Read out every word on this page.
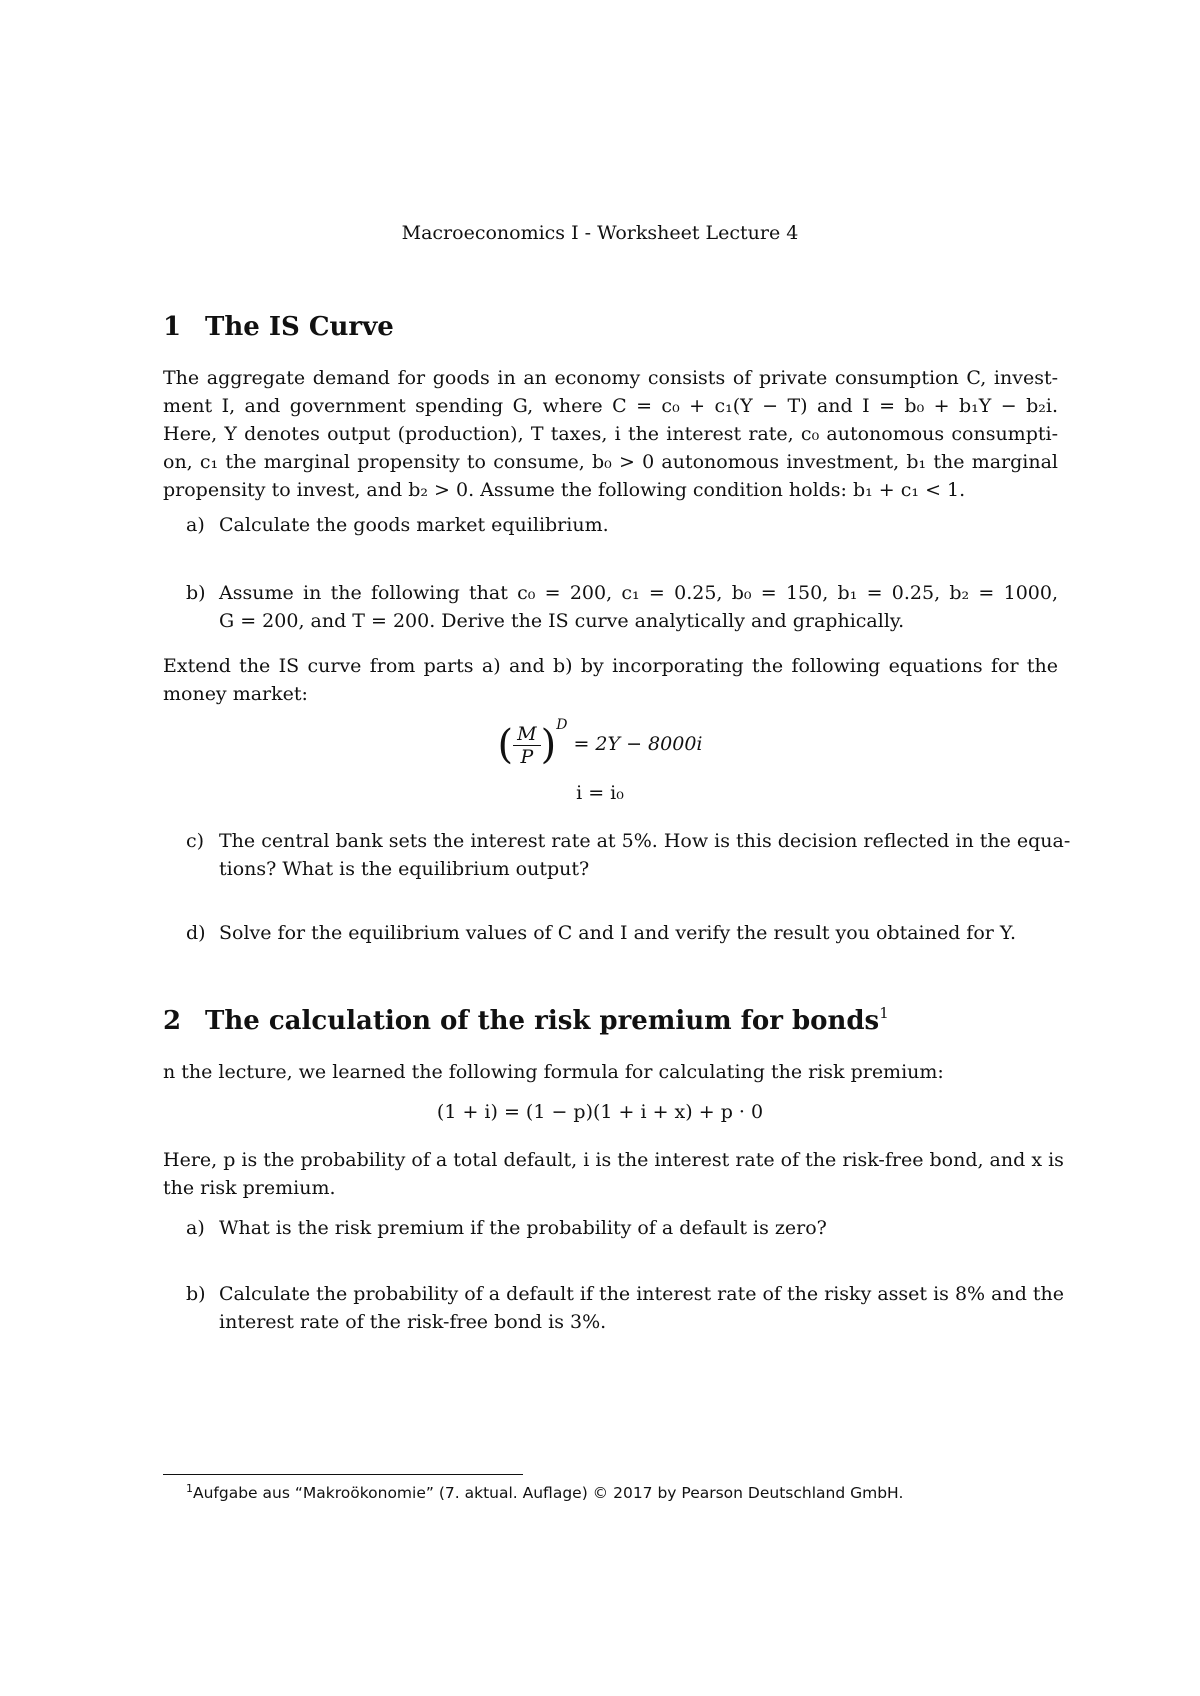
Macroeconomics I - Worksheet Lecture 4
1 The IS Curve
The aggregate demand for goods in an economy consists of private consumption C, invest-
ment I, and government spending G, where C = c₀ + c₁(Y − T) and I = b₀ + b₁Y − b₂i.
Here, Y denotes output (production), T taxes, i the interest rate, c₀ autonomous consumpti-
on, c₁ the marginal propensity to consume, b₀ > 0 autonomous investment, b₁ the marginal
propensity to invest, and b₂ > 0. Assume the following condition holds: b₁ + c₁ < 1.
a) Calculate the goods market equilibrium.
b) Assume in the following that c₀ = 200, c₁ = 0.25, b₀ = 150, b₁ = 0.25, b₂ = 1000,
G = 200, and T = 200. Derive the IS curve analytically and graphically.
Extend the IS curve from parts a) and b) by incorporating the following equations for the
money market:
( $\frac{M}{P} )^D = 2Y - 8000i$
i = i₀
c) The central bank sets the interest rate at 5%. How is this decision reflected in the equa-
tions? What is the equilibrium output?
d) Solve for the equilibrium values of C and I and verify the result you obtained for Y.
2 The calculation of the risk premium for bonds$^1$
n the lecture, we learned the following formula for calculating the risk premium:
(1 + i) = (1 − p)(1 + i + x) + p · 0
Here, p is the probability of a total default, i is the interest rate of the risk-free bond, and x is
the risk premium.
a) What is the risk premium if the probability of a default is zero?
b) Calculate the probability of a default if the interest rate of the risky asset is 8% and the
interest rate of the risk-free bond is 3%.
$^1$Aufgabe aus “Makroökonomie” (7. aktual. Auflage) © 2017 by Pearson Deutschland GmbH.
